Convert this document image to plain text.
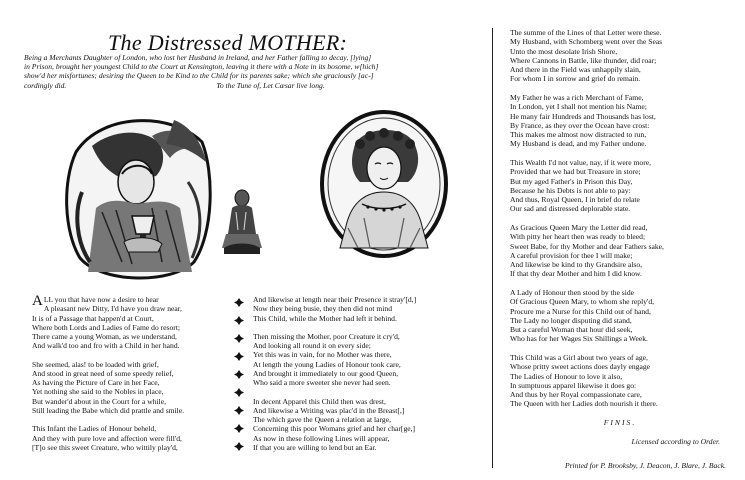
The Distressed MOTHER:
Being a Merchants Daughter of London, who lost her Husband in Ireland, and her Father falling to decay, [lying]
in Prison, brought her youngest Child to the Court at Kensington, leaving it there with a Note in its bosome, w[hich]
show'd her misfortunes; desiring the Queen to be Kind to the Child for its parents sake; which she graciously [ac-]
cordingly did.	To the Tune of, Let Cæsar live long.
ALL you that have now a desire to hear
A pleasant new Ditty, I'd have you draw near,
It is of a Passage that happen'd at Court,
Where both Lords and Ladies of Fame do resort;
There came a young Woman, as we understand,
And walk'd too and fro with a Child in her hand.
She seemed, alas! to be loaded with grief,
And stood in great need of some speedy relief,
As having the Picture of Care in her Face,
Yet nothing she said to the Nobles in place,
But wander'd about in the Court for a while,
Still leading the Babe which did prattle and smile.
This Infant the Ladies of Honour beheld,
And they with pure love and affection were fill'd,
[T]o see this sweet Creature, who wittily play'd,
And likewise at length near their Presence it stray'[d,]
Now they being busie, they then did not mind
This Child, while the Mother had left it behind.
Then missing the Mother, poor Creature it cry'd,
And looking all round it on every side;
Yet this was in vain, for no Mother was there,
At length the young Ladies of Honour took care,
And brought it immediately to our good Queen,
Who said a more sweeter she never had seen.
In decent Apparel this Child then was drest,
And likewise a Writing was plac'd in the Breast[,]
The which gave the Queen a relation at large,
Concerning this poor Womans grief and her char[ge,]
As now in these following Lines will appear,
If that you are willing to lend but an Ear.
The summe of the Lines of that Letter were these.
My Husband, with Schomberg went over the Seas
Unto the most desolate Irish Shore,
Where Cannons in Battle, like thunder, did roar;
And there in the Field was unhappily slain,
For whom I in sorrow and grief do remain.
My Father he was a rich Merchant of Fame,
In London, yet I shall not mention his Name;
He many fair Hundreds and Thousands has lost,
By France, as they over the Ocean have crost:
This makes me almost now distracted to run,
My Husband is dead, and my Father undone.
This Wealth I'd not value, nay, if it were more,
Provided that we had but Treasure in store;
But my aged Father's in Prison this Day,
Because he his Debts is not able to pay:
And thus, Royal Queen, I in brief do relate
Our sad and distressed deplorable state.
As Gracious Queen Mary the Letter did read,
With pitty her heart then was ready to bleed;
Sweet Babe, for thy Mother and dear Fathers sake,
A careful provision for thee I will make;
And likewise be kind to thy Grandsire also,
If that thy dear Mother and him I did know.
A Lady of Honour then stood by the side
Of Gracious Queen Mary, to whom she reply'd,
Procure me a Nurse for this Child out of hand,
The Lady no longer disputing did stand,
But a careful Woman that hour did seek,
Who has for her Wages Six Shillings a Week.
This Child was a Girl about two years of age,
Whose pritty sweet actions does dayly engage
The Ladies of Honour to love it also,
In sumptuous apparel likewise it does go:
And thus by her Royal compassionate care,
The Queen with her Ladies doth nourish it there.
FINIS.
Licensed according to Order.
Printed for P. Brooksby, J. Deacon, J. Blare, J. Back.
